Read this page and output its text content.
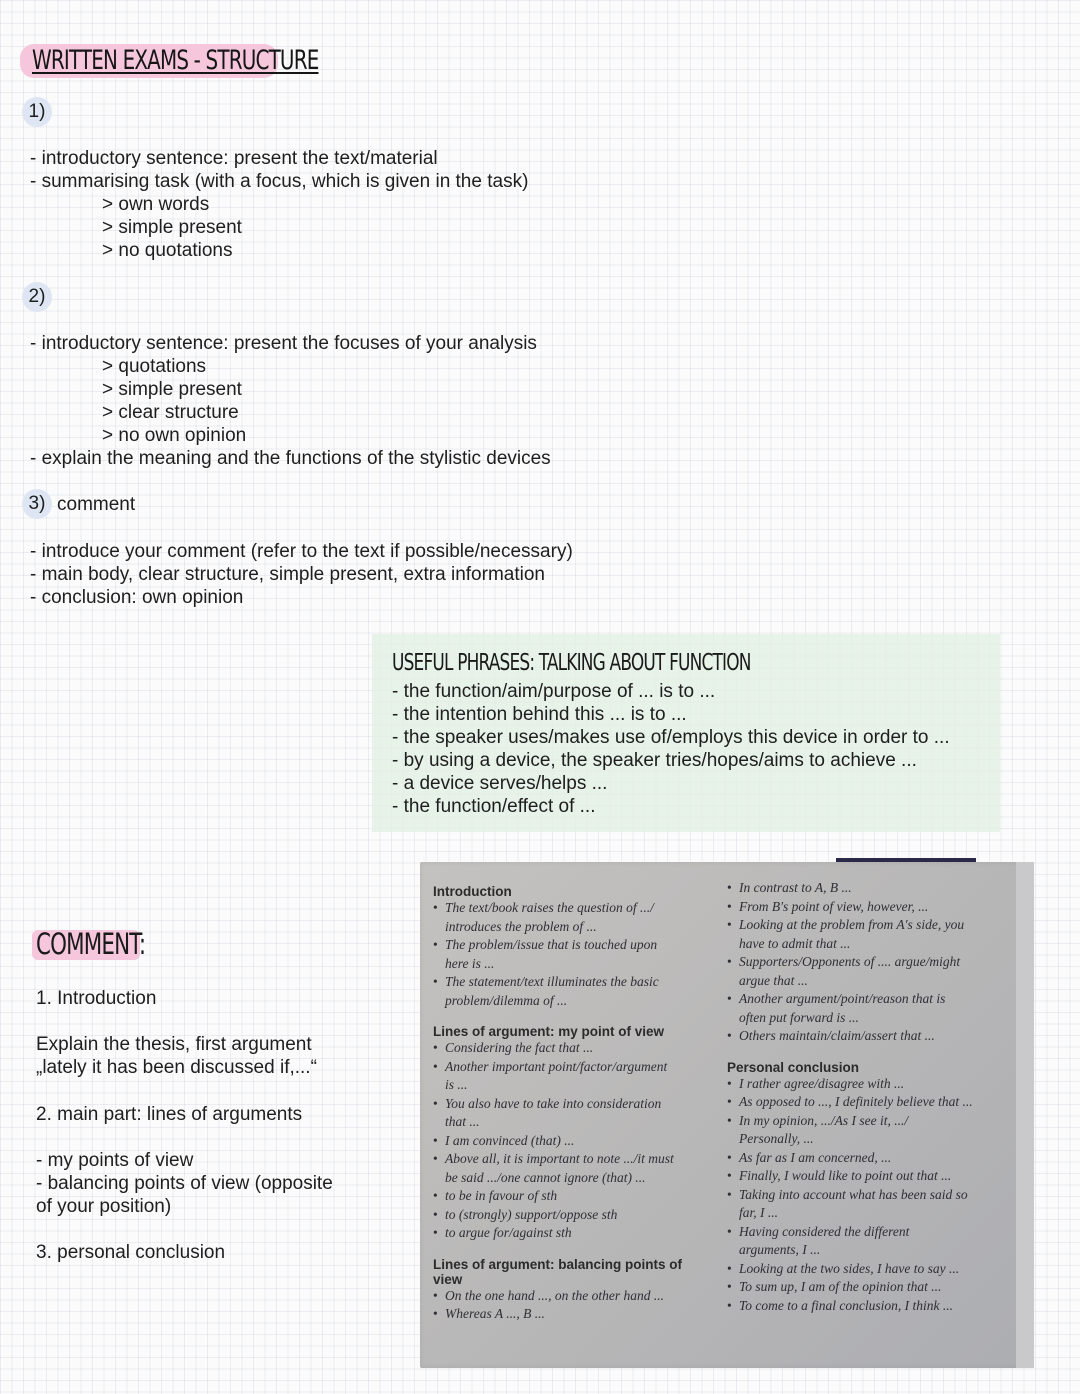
WRITTEN EXAMS - STRUCTURE
1)
- introductory sentence: present the text/material
- summarising task (with a focus, which is given in the task)
> own words
> simple present
> no quotations
2)
- introductory sentence: present the focuses of your analysis
> quotations
> simple present
> clear structure
> no own opinion
- explain the meaning and the functions of the stylistic devices
3) comment
- introduce your comment (refer to the text if possible/necessary)
- main body, clear structure, simple present, extra information
- conclusion: own opinion
USEFUL PHRASES: TALKING ABOUT FUNCTION
- the function/aim/purpose of ... is to ...
- the intention behind this ... is to ...
- the speaker uses/makes use of/employs this device in order to ...
- by using a device, the speaker tries/hopes/aims to achieve ...
- a device serves/helps ...
- the function/effect of ...
COMMENT:
1. Introduction
Explain the thesis, first argument
„lately it has been discussed if,...“
2. main part: lines of arguments
- my points of view
- balancing points of view (opposite
of your position)
3. personal conclusion
Introduction
• The text/book raises the question of .../
introduces the problem of ...
• The problem/issue that is touched upon
here is ...
• The statement/text illuminates the basic
problem/dilemma of ...
Lines of argument: my point of view
• Considering the fact that ...
• Another important point/factor/argument
is ...
• You also have to take into consideration
that ...
• I am convinced (that) ...
• Above all, it is important to note .../it must
be said .../one cannot ignore (that) ...
• to be in favour of sth
• to (strongly) support/oppose sth
• to argue for/against sth
Lines of argument: balancing points of
view
• On the one hand ..., on the other hand ...
• Whereas A ..., B ...
• In contrast to A, B ...
• From B's point of view, however, ...
• Looking at the problem from A's side, you
have to admit that ...
• Supporters/Opponents of .... argue/might
argue that ...
• Another argument/point/reason that is
often put forward is ...
• Others maintain/claim/assert that ...
Personal conclusion
• I rather agree/disagree with ...
• As opposed to ..., I definitely believe that ...
• In my opinion, .../As I see it, .../
Personally, ...
• As far as I am concerned, ...
• Finally, I would like to point out that ...
• Taking into account what has been said so
far, I ...
• Having considered the different
arguments, I ...
• Looking at the two sides, I have to say ...
• To sum up, I am of the opinion that ...
• To come to a final conclusion, I think ...
